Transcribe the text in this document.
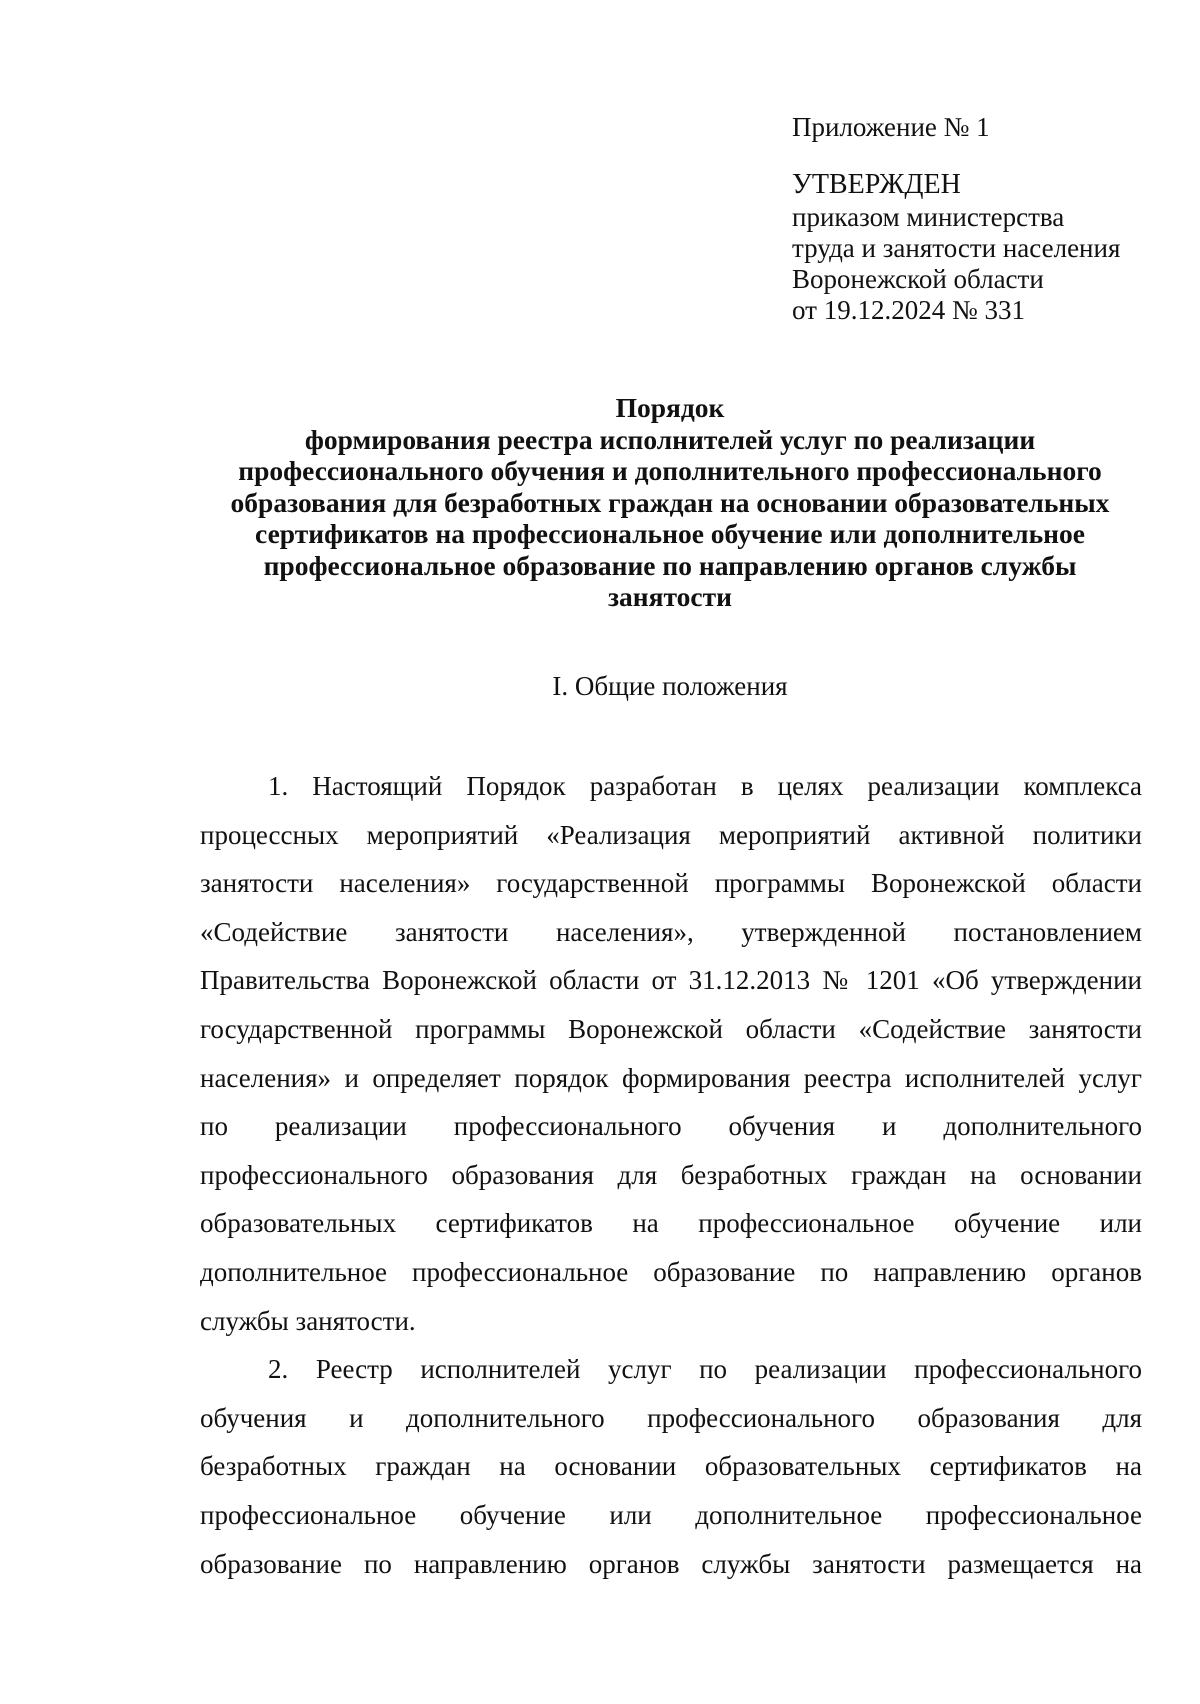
Приложение № 1

УТВЕРЖДЕН

приказом министерства

труда и занятости населения

Воронежской области

от 19.12.2024 № 331

Порядок
формирования реестра исполнителей услуг по реализации
профессионального обучения и дополнительного профессионального
образования для безработных граждан на основании образовательных
сертификатов на профессиональное обучение или дополнительное
профессиональное образование по направлению органов службы
занятости
I. Общие положения

1. Настоящий Порядок разработан в целях реализации комплекса
процессных мероприятий «Реализация мероприятий активной политики
занятости населения» государственной программы Воронежской области
«Содействие занятости населения», утвержденной постановлением
Правительства Воронежской области от 31.12.2013 № 1201 «Об утверждении
государственной программы Воронежской области «Содействие занятости
населения» и определяет порядок формирования реестра исполнителей услуг
по реализации профессионального обучения и дополнительного
профессионального образования для безработных граждан на основании
образовательных сертификатов на профессиональное обучение или
дополнительное профессиональное образование по направлению органов
службы занятости.

2. Реестр исполнителей услуг по реализации профессионального
обучения и дополнительного профессионального образования для
безработных граждан на основании образовательных сертификатов на
профессиональное обучение или дополнительное профессиональное
образование по направлению органов службы занятости размещается на
